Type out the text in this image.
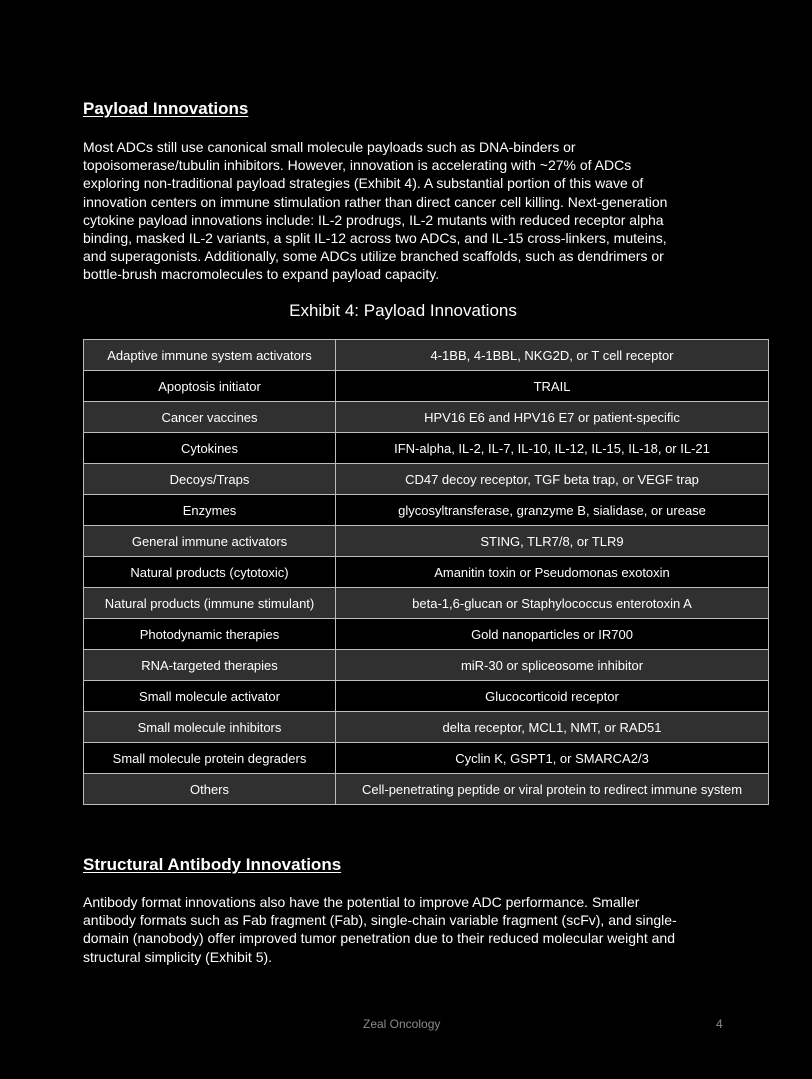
Payload Innovations

Most ADCs still use canonical small molecule payloads such as DNA-binders or
topoisomerase/tubulin inhibitors. However, innovation is accelerating with ~27% of ADCs
exploring non-traditional payload strategies (Exhibit 4). A substantial portion of this wave of
innovation centers on immune stimulation rather than direct cancer cell killing. Next-generation
cytokine payload innovations include: IL-2 prodrugs, IL-2 mutants with reduced receptor alpha
binding, masked IL-2 variants, a split IL-12 across two ADCs, and IL-15 cross-linkers, muteins,
and superagonists. Additionally, some ADCs utilize branched scaffolds, such as dendrimers or
bottle-brush macromolecules to expand payload capacity.

Exhibit 4: Payload Innovations

Adaptive immune system activators	4-1BB, 4-1BBL, NKG2D, or T cell receptor
Apoptosis initiator	TRAIL
Cancer vaccines	HPV16 E6 and HPV16 E7 or patient-specific
Cytokines	IFN-alpha, IL-2, IL-7, IL-10, IL-12, IL-15, IL-18, or IL-21
Decoys/Traps	CD47 decoy receptor, TGF beta trap, or VEGF trap
Enzymes	glycosyltransferase, granzyme B, sialidase, or urease
General immune activators	STING, TLR7/8, or TLR9
Natural products (cytotoxic)	Amanitin toxin or Pseudomonas exotoxin
Natural products (immune stimulant)	beta-1,6-glucan or Staphylococcus enterotoxin A
Photodynamic therapies	Gold nanoparticles or IR700
RNA-targeted therapies	miR-30 or spliceosome inhibitor
Small molecule activator	Glucocorticoid receptor
Small molecule inhibitors	delta receptor, MCL1, NMT, or RAD51
Small molecule protein degraders	Cyclin K, GSPT1, or SMARCA2/3
Others	Cell-penetrating peptide or viral protein to redirect immune system
Structural Antibody Innovations

Antibody format innovations also have the potential to improve ADC performance. Smaller
antibody formats such as Fab fragment (Fab), single-chain variable fragment (scFv), and single-
domain (nanobody) offer improved tumor penetration due to their reduced molecular weight and
structural simplicity (Exhibit 5).

Zeal Oncology	4
